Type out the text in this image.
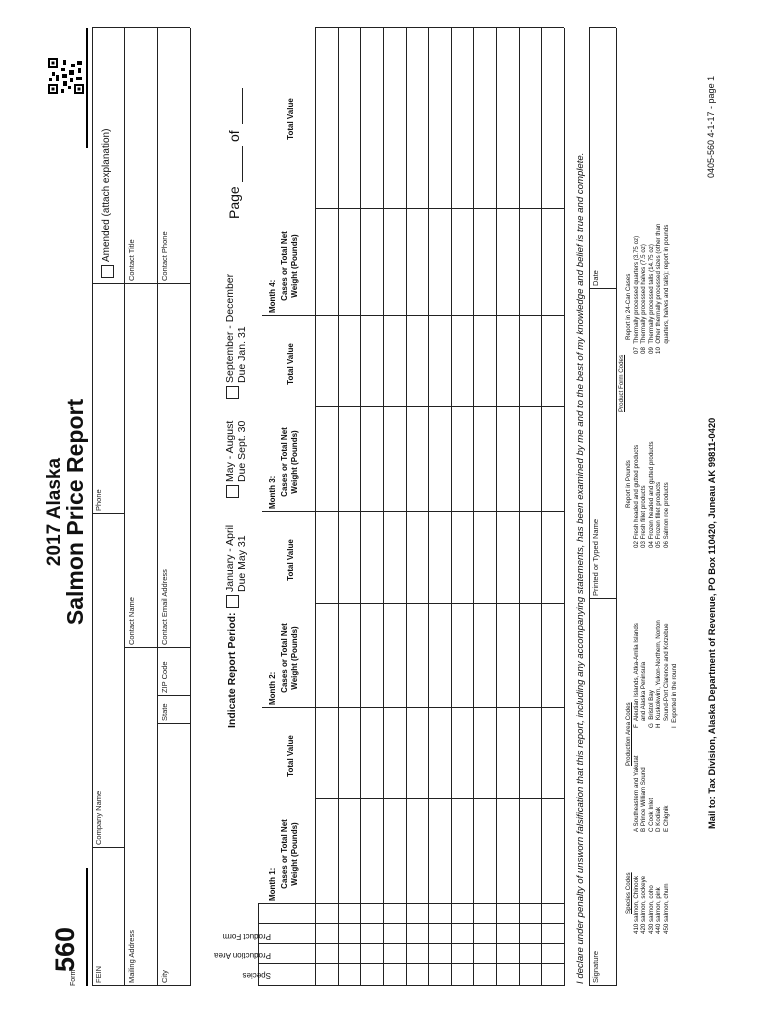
Form
560
2017 Alaska
Salmon Price Report
FEIN
Company Name
Phone
Amended (attach explanation)
Mailing Address
Contact Name
Contact Title
City
State
ZIP Code
Contact Email Address
Contact Phone
Indicate Report Period:
January - April Due May 31
May - August Due Sept. 30
September - December Due Jan. 31
Page
of
Species
Production Area
Product Form
Month 1: Cases or Total Net
Weight (Pounds)
Total Value
Month 2: Cases or Total Net
Weight (Pounds)
Total Value
Month 3: Cases or Total Net
Weight (Pounds)
Total Value
Month 4: Cases or Total Net
Weight (Pounds)
Total Value
I declare under penalty of unsworn falsification that this report, including any accompanying statements, has been examined by me and to the best of my knowledge and belief is true and complete. Signature
Printed or Typed Name
Date
Species Codes 410 salmon, Chinook 420 salmon, sockeye 430 salmon, coho 440 salmon, pink 450 salmon, chum
Production Area Codes
A Southeastern and Yakutat B Prince William Sound C Cook Inlet D Kodiak E Chignik
F  Aleutian Islands, Atka-Amlia Islands and Alaska Peninsula G  Bristol Bay H  Kuskokwim, Yukon-Northern, Norton Sound-Port Clarence and Kotzebue I  Exported in the round
Product Form Codes
Report in Pounds 02 Fresh headed and gutted products 03 Fresh fillet products 04 Frozen headed and gutted products 05 Frozen fillet products 06 Salmon roe products
Report in 24-Can Cases 07  Thermally processed quarters (3.75 oz) 08  Thermally processed halves (7.5 oz) 09  Thermally processed talls (14.75 oz) 10  Other thermally processed sizes (other than quarters, halves and talls); report in pounds
Mail to: Tax Division, Alaska Department of Revenue, PO Box 110420, Juneau AK 99811-0420
0405-560 4-1-17 - page 1
